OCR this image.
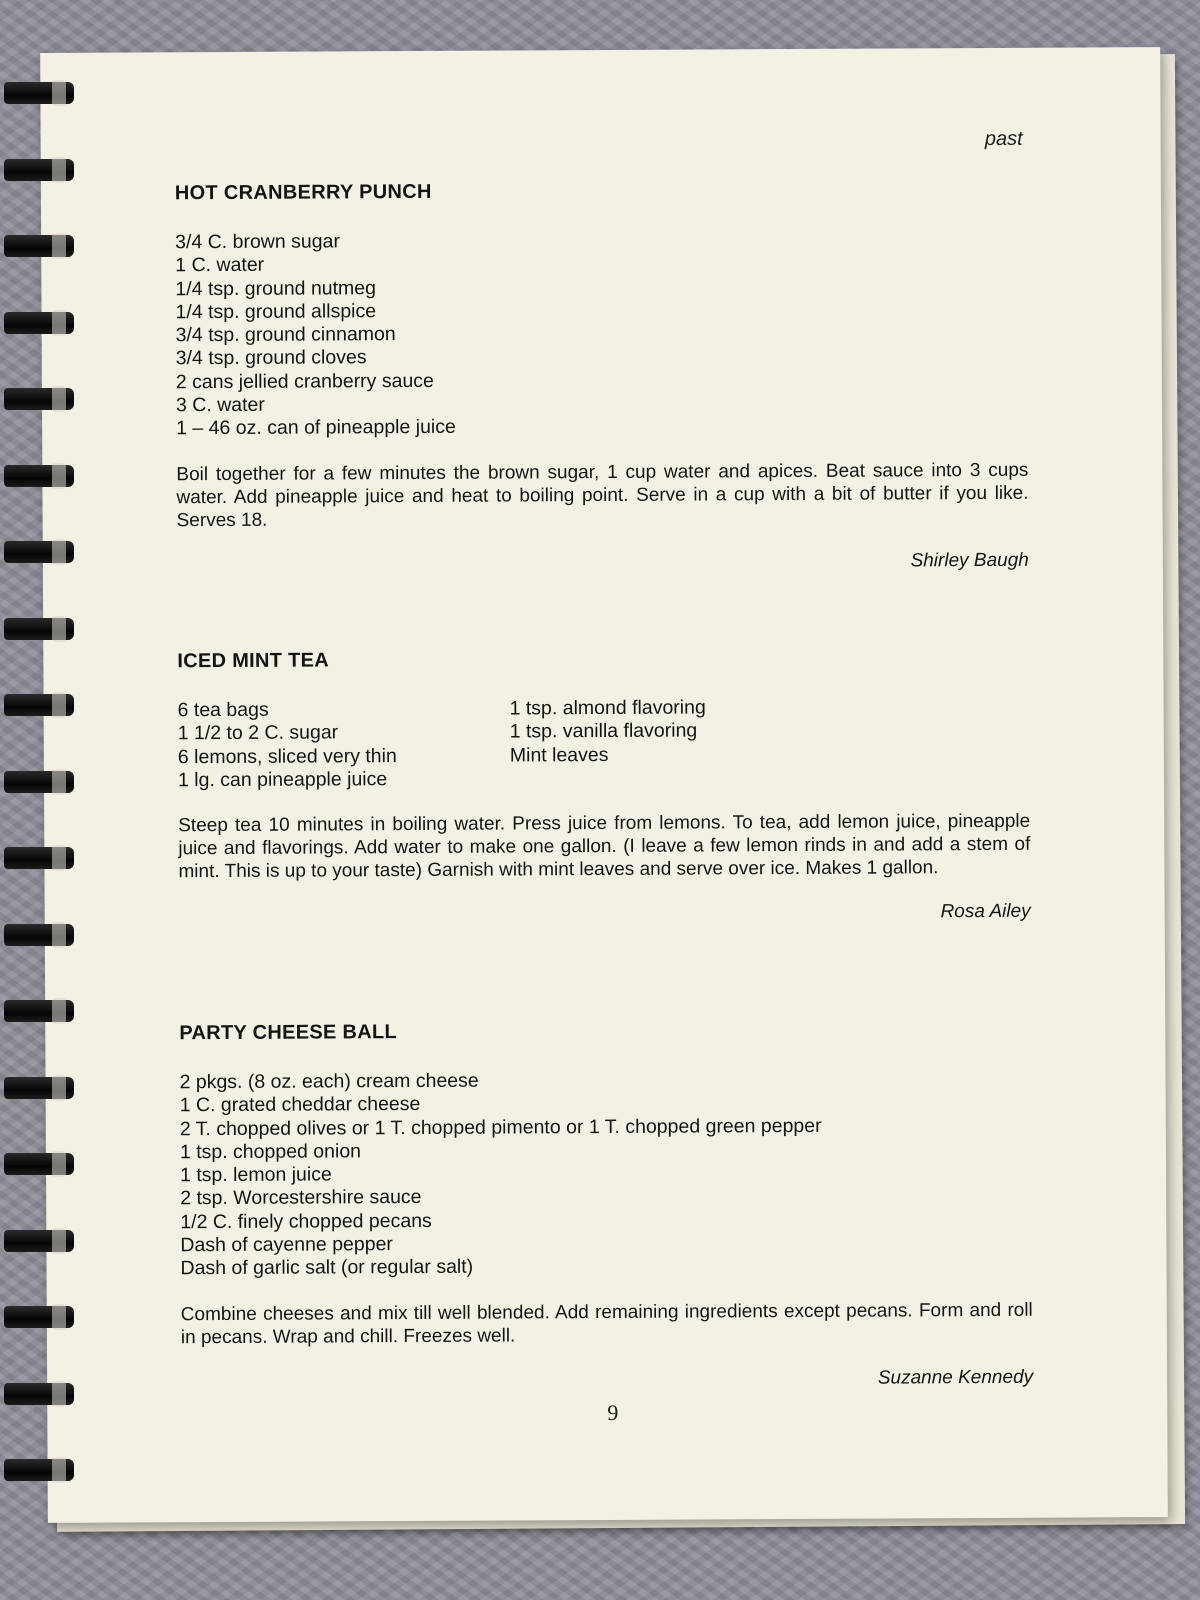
past
HOT CRANBERRY PUNCH
3/4 C. brown sugar
1 C. water
1/4 tsp. ground nutmeg
1/4 tsp. ground allspice
3/4 tsp. ground cinnamon
3/4 tsp. ground cloves
2 cans jellied cranberry sauce
3 C. water
1 – 46 oz. can of pineapple juice

Boil together for a few minutes the brown sugar, 1 cup water and apices. Beat sauce into 3 cups water. Add pineapple juice and heat to boiling point. Serve in a cup with a bit of butter if you like. Serves 18.

Shirley Baugh
ICED MINT TEA
6 tea bags
1 1/2 to 2 C. sugar
6 lemons, sliced very thin
1 lg. can pineapple juice
1 tsp. almond flavoring
1 tsp. vanilla flavoring
Mint leaves

Steep tea 10 minutes in boiling water. Press juice from lemons. To tea, add lemon juice, pineapple juice and flavorings. Add water to make one gallon. (I leave a few lemon rinds in and add a stem of mint. This is up to your taste) Garnish with mint leaves and serve over ice. Makes 1 gallon.

Rosa Ailey
PARTY CHEESE BALL
2 pkgs. (8 oz. each) cream cheese
1 C. grated cheddar cheese
2 T. chopped olives or 1 T. chopped pimento or 1 T. chopped green pepper
1 tsp. chopped onion
1 tsp. lemon juice
2 tsp. Worcestershire sauce
1/2 C. finely chopped pecans
Dash of cayenne pepper
Dash of garlic salt (or regular salt)

Combine cheeses and mix till well blended. Add remaining ingredients except pecans. Form and roll in pecans. Wrap and chill. Freezes well.

Suzanne Kennedy
9
